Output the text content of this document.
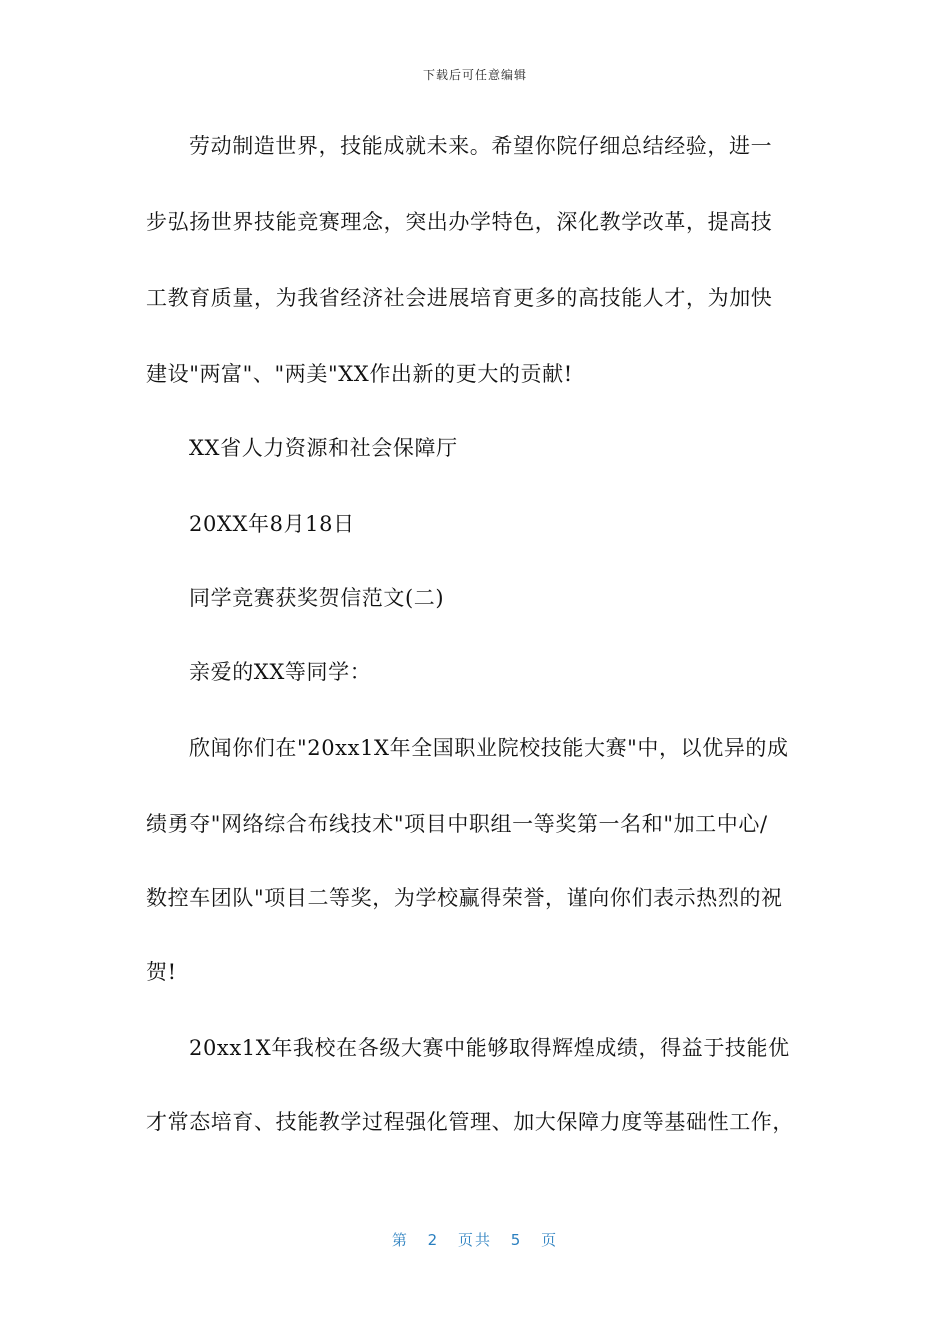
下载后可任意编辑
劳动制造世界，技能成就未来。希望你院仔细总结经验，进一
步弘扬世界技能竞赛理念，突出办学特色，深化教学改革，提高技
工教育质量，为我省经济社会进展培育更多的高技能人才，为加快
建设"两富"、"两美"XX作出新的更大的贡献!
XX省人力资源和社会保障厅
20XX年8月18日
同学竞赛获奖贺信范文(二)
亲爱的XX等同学：
欣闻你们在"20xx1X年全国职业院校技能大赛"中，以优异的成
绩勇夺"网络综合布线技术"项目中职组一等奖第一名和"加工中心/
数控车团队"项目二等奖，为学校赢得荣誉，谨向你们表示热烈的祝
贺!
20xx1X年我校在各级大赛中能够取得辉煌成绩，得益于技能优
才常态培育、技能教学过程强化管理、加大保障力度等基础性工作，
第 2 页共 5 页
